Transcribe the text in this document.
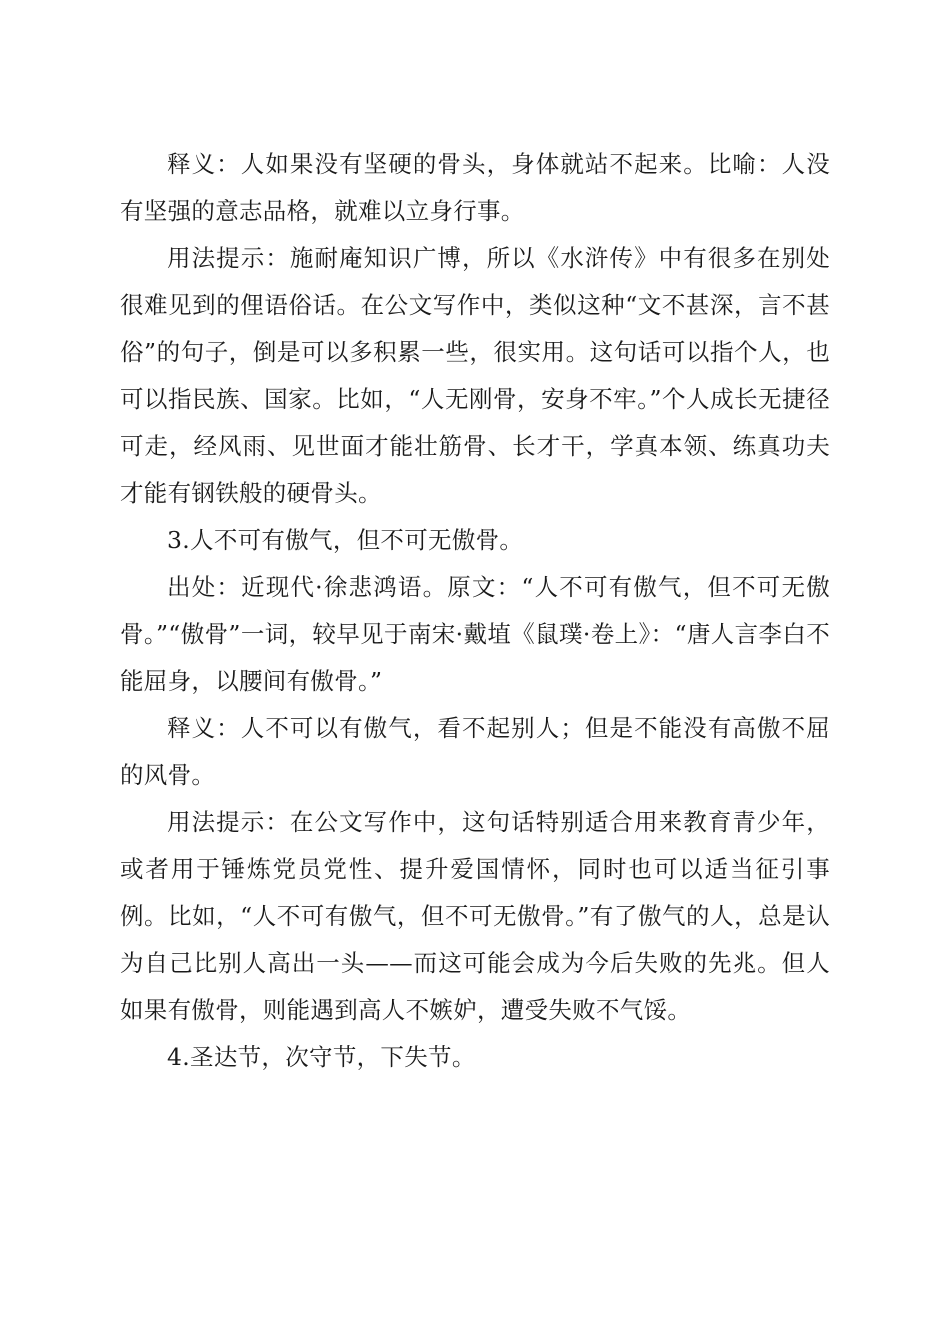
释义：人如果没有坚硬的骨头，身体就站不起来。比喻：人没有坚强的意志品格，就难以立身行事。

用法提示：施耐庵知识广博，所以《水浒传》中有很多在别处很难见到的俚语俗话。在公文写作中，类似这种“文不甚深，言不甚俗”的句子，倒是可以多积累一些，很实用。这句话可以指个人，也可以指民族、国家。比如，“人无刚骨，安身不牢。”个人成长无捷径可走，经风雨、见世面才能壮筋骨、长才干，学真本领、练真功夫才能有钢铁般的硬骨头。

3.人不可有傲气，但不可无傲骨。

出处：近现代·徐悲鸿语。原文：“人不可有傲气，但不可无傲骨。”“傲骨”一词，较早见于南宋·戴埴《鼠璞·卷上》：“唐人言李白不能屈身，以腰间有傲骨。”

释义：人不可以有傲气，看不起别人；但是不能没有高傲不屈的风骨。

用法提示：在公文写作中，这句话特别适合用来教育青少年，或者用于锤炼党员党性、提升爱国情怀，同时也可以适当征引事例。比如，“人不可有傲气，但不可无傲骨。”有了傲气的人，总是认为自己比别人高出一头——而这可能会成为今后失败的先兆。但人如果有傲骨，则能遇到高人不嫉妒，遭受失败不气馁。

4.圣达节，次守节，下失节。
